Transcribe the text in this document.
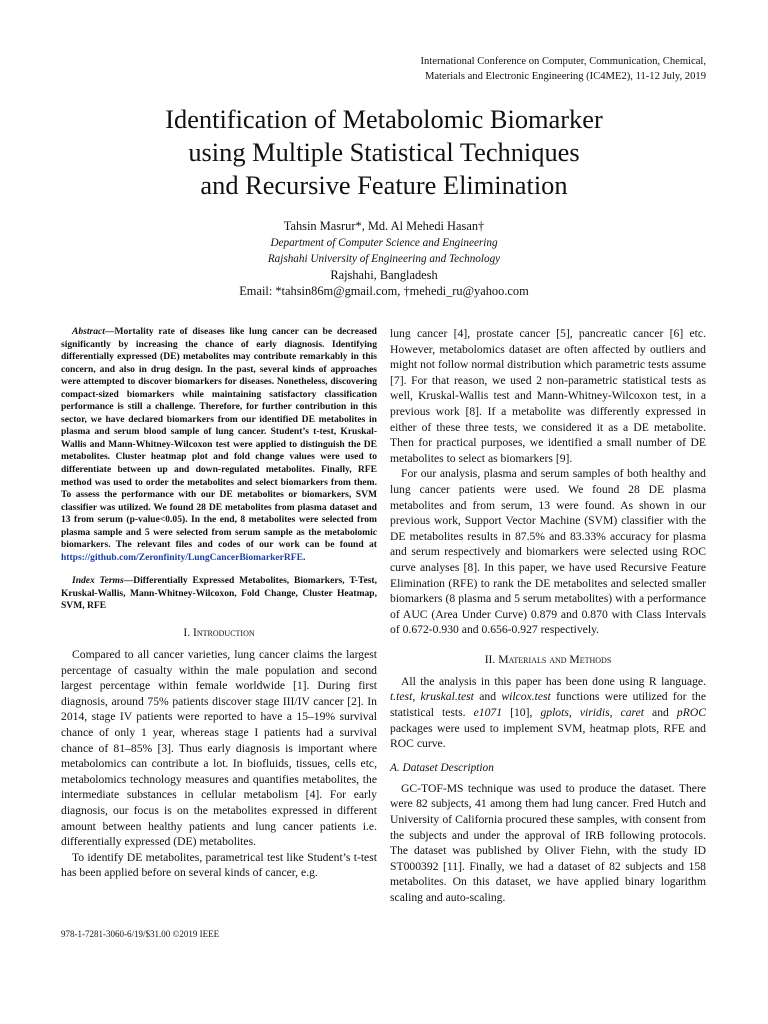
International Conference on Computer, Communication, Chemical,
Materials and Electronic Engineering (IC4ME2), 11-12 July, 2019
Identification of Metabolomic Biomarker
using Multiple Statistical Techniques
and Recursive Feature Elimination
Tahsin Masrur*, Md. Al Mehedi Hasan†
Department of Computer Science and Engineering
Rajshahi University of Engineering and Technology
Rajshahi, Bangladesh
Email: *tahsin86m@gmail.com, †mehedi_ru@yahoo.com

Abstract—Mortality rate of diseases like lung cancer can be decreased significantly by increasing the chance of early diagnosis. Identifying differentially expressed (DE) metabolites may contribute remarkably in this concern, and also in drug design. In the past, several kinds of approaches were attempted to discover biomarkers for diseases. Nonetheless, discovering compact-sized biomarkers while maintaining satisfactory classification performance is still a challenge. Therefore, for further contribution in this sector, we have declared biomarkers from our identified DE metabolites in plasma and serum blood sample of lung cancer. Student’s t-test, Kruskal-Wallis and Mann-Whitney-Wilcoxon test were applied to distinguish the DE metabolites. Cluster heatmap plot and fold change values were used to differentiate between up and down-regulated metabolites. Finally, RFE method was used to order the metabolites and select biomarkers from them. To assess the performance with our DE metabolites or biomarkers, SVM classifier was utilized. We found 28 DE metabolites from plasma dataset and 13 from serum (p-value<0.05). In the end, 8 metabolites were selected from plasma sample and 5 were selected from serum sample as the metabolomic biomarkers. The relevant files and codes of our work can be found at https://github.com/Zeronfinity/LungCancerBiomarkerRFE.

Index Terms—Differentially Expressed Metabolites, Biomarkers, T-Test, Kruskal-Wallis, Mann-Whitney-Wilcoxon, Fold Change, Cluster Heatmap, SVM, RFE

I. Introduction

Compared to all cancer varieties, lung cancer claims the largest percentage of casualty within the male population and second largest percentage within female worldwide [1]. During first diagnosis, around 75% patients discover stage III/IV cancer [2]. In 2014, stage IV patients were reported to have a 15–19% survival chance of only 1 year, whereas stage I patients had a survival chance of 81–85% [3]. Thus early diagnosis is important where metabolomics can contribute a lot. In biofluids, tissues, cells etc, metabolomics technology measures and quantifies metabolites, the intermediate substances in cellular metabolism [4]. For early diagnosis, our focus is on the metabolites expressed in different amount between healthy patients and lung cancer patients i.e. differentially expressed (DE) metabolites.

To identify DE metabolites, parametrical test like Student’s t-test has been applied before on several kinds of cancer, e.g.

lung cancer [4], prostate cancer [5], pancreatic cancer [6] etc. However, metabolomics dataset are often affected by outliers and might not follow normal distribution which parametric tests assume [7]. For that reason, we used 2 non-parametric statistical tests as well, Kruskal-Wallis test and Mann-Whitney-Wilcoxon test, in a previous work [8]. If a metabolite was differently expressed in either of these three tests, we considered it as a DE metabolite. Then for practical purposes, we identified a small number of DE metabolites to select as biomarkers [9].

For our analysis, plasma and serum samples of both healthy and lung cancer patients were used. We found 28 DE plasma metabolites and from serum, 13 were found. As shown in our previous work, Support Vector Machine (SVM) classifier with the DE metabolites results in 87.5% and 83.33% accuracy for plasma and serum respectively and biomarkers were selected using ROC curve analyses [8]. In this paper, we have used Recursive Feature Elimination (RFE) to rank the DE metabolites and selected smaller biomarkers (8 plasma and 5 serum metabolites) with a performance of AUC (Area Under Curve) 0.879 and 0.870 with Class Intervals of 0.672-0.930 and 0.656-0.927 respectively.

II. Materials and Methods

All the analysis in this paper has been done using R language. t.test, kruskal.test and wilcox.test functions were utilized for the statistical tests. e1071 [10], gplots, viridis, caret and pROC packages were used to implement SVM, heatmap plots, RFE and ROC curve.

A. Dataset Description

GC-TOF-MS technique was used to produce the dataset. There were 82 subjects, 41 among them had lung cancer. Fred Hutch and University of California procured these samples, with consent from the subjects and under the approval of IRB following protocols. The dataset was published by Oliver Fiehn, with the study ID ST000392 [11]. Finally, we had a dataset of 82 subjects and 158 metabolites. On this dataset, we have applied binary logarithm scaling and auto-scaling.

978-1-7281-3060-6/19/$31.00 ©2019 IEEE
